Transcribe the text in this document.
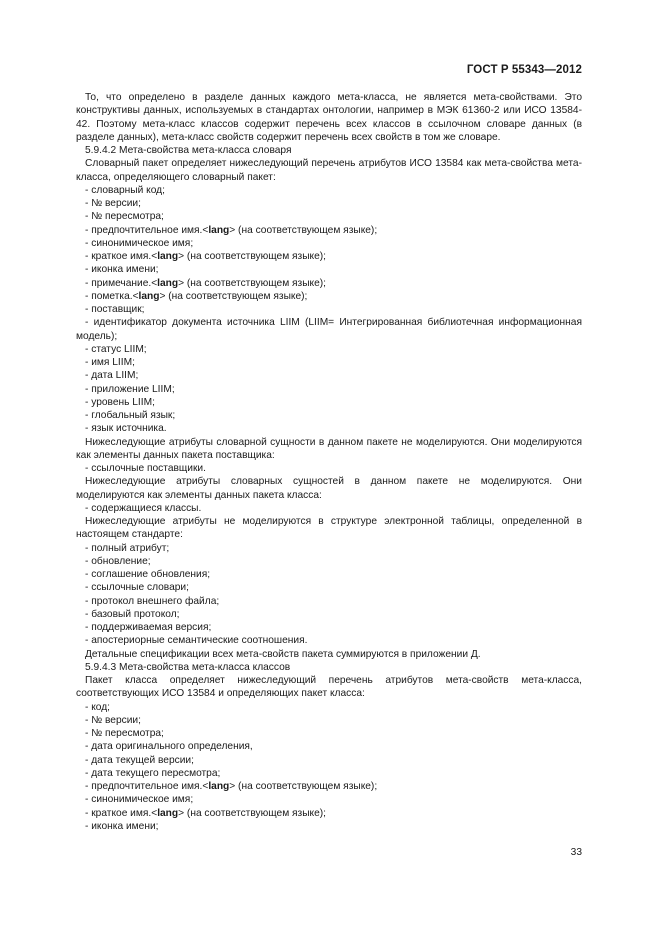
ГОСТ Р 55343—2012

То, что определено в разделе данных каждого мета-класса, не является мета-свойствами. Это конструктивы данных, используемых в стандартах онтологии, например в МЭК 61360-2 или ИСО 13584-42. Поэтому мета-класс классов содержит перечень всех классов в ссылочном словаре данных (в разделе данных), мета-класс свойств содержит перечень всех свойств в том же словаре.

5.9.4.2 Мета-свойства мета-класса словаря

Словарный пакет определяет нижеследующий перечень атрибутов ИСО 13584 как мета-свойства мета-класса, определяющего словарный пакет:

- словарный код;
- № версии;
- № пересмотра;
- предпочтительное имя.<lang> (на соответствующем языке);
- синонимическое имя;
- краткое имя.<lang> (на соответствующем языке);
- иконка имени;
- примечание.<lang> (на соответствующем языке);
- пометка.<lang> (на соответствующем языке);
- поставщик;

- идентификатор документа источника LIIM (LIIM= Интегрированная библиотечная информационная модель);

- статус LIIM;
- имя LIIM;
- дата LIIM;
- приложение LIIM;
- уровень LIIM;
- глобальный язык;
- язык источника.

Нижеследующие атрибуты словарной сущности в данном пакете не моделируются. Они моделируются как элементы данных пакета поставщика:

- ссылочные поставщики.

Нижеследующие атрибуты словарных сущностей в данном пакете не моделируются. Они моделируются как элементы данных пакета класса:

- содержащиеся классы.

Нижеследующие атрибуты не моделируются в структуре электронной таблицы, определенной в настоящем стандарте:

- полный атрибут;
- обновление;
- соглашение обновления;
- ссылочные словари;
- протокол внешнего файла;
- базовый протокол;
- поддерживаемая версия;
- апостериорные семантические соотношения.

Детальные спецификации всех мета-свойств пакета суммируются в приложении Д.

5.9.4.3 Мета-свойства мета-класса классов

Пакет класса определяет нижеследующий перечень атрибутов мета-свойств мета-класса, соответствующих ИСО 13584 и определяющих пакет класса:

- код;
- № версии;
- № пересмотра;
- дата оригинального определения,
- дата текущей версии;
- дата текущего пересмотра;
- предпочтительное имя.<lang> (на соответствующем языке);
- синонимическое имя;
- краткое имя.<lang> (на соответствующем языке);
- иконка имени;
33
